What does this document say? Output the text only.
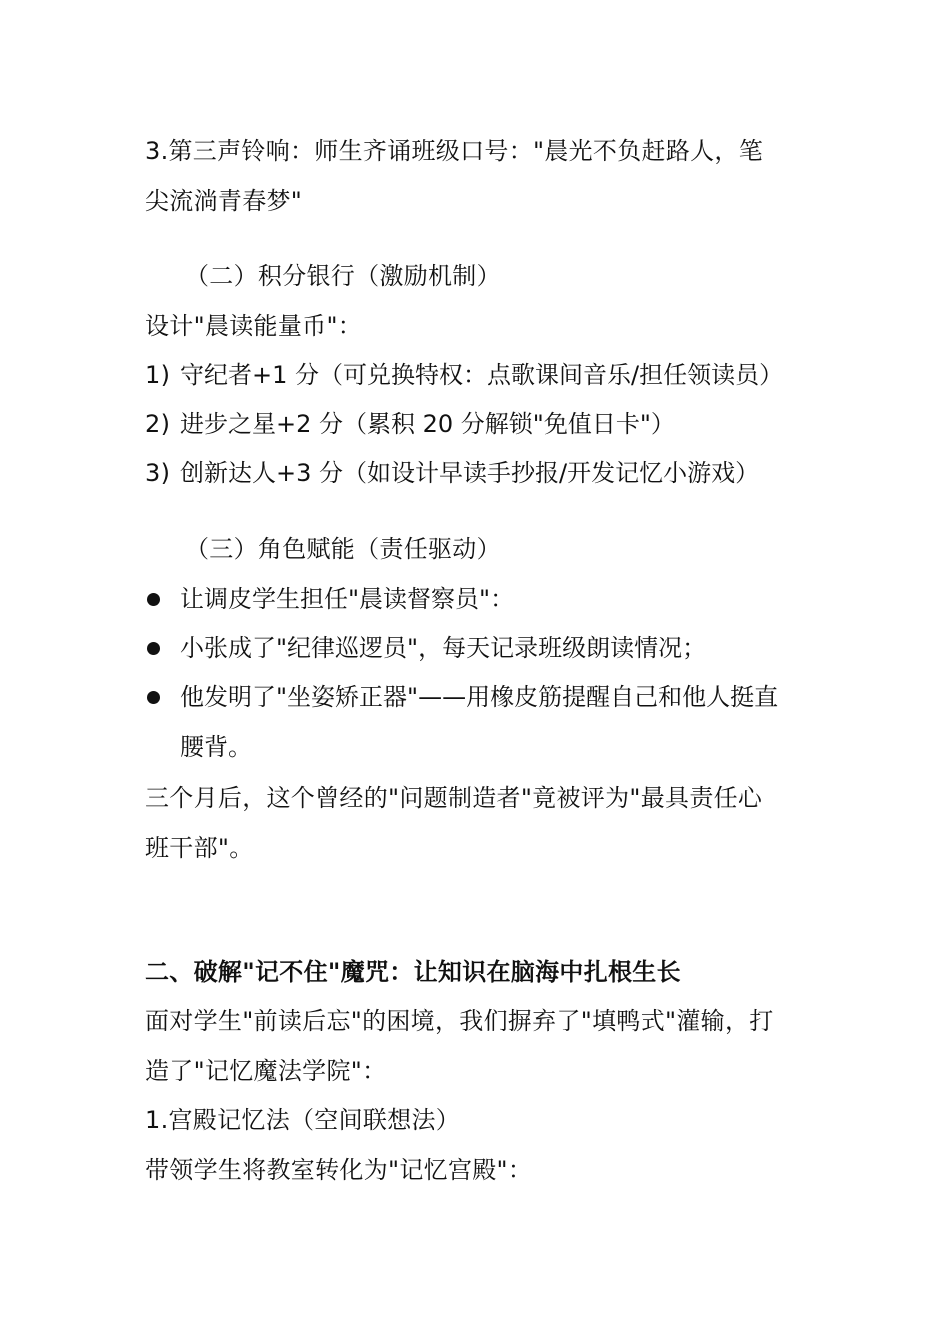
3.第三声铃响：师生齐诵班级口号："晨光不负赶路人，笔
尖流淌青春梦"
（二）积分银行（激励机制）
设计"晨读能量币"：
1) 守纪者+1 分（可兑换特权：点歌课间音乐/担任领读员）
2) 进步之星+2 分（累积 20 分解锁"免值日卡"）
3) 创新达人+3 分（如设计早读手抄报/开发记忆小游戏）
（三）角色赋能（责任驱动）
让调皮学生担任"晨读督察员"：
小张成了"纪律巡逻员"，每天记录班级朗读情况；
他发明了"坐姿矫正器"——用橡皮筋提醒自己和他人挺直
腰背。
三个月后，这个曾经的"问题制造者"竟被评为"最具责任心
班干部"。
二、破解"记不住"魔咒：让知识在脑海中扎根生长
面对学生"前读后忘"的困境，我们摒弃了"填鸭式"灌输，打
造了"记忆魔法学院"：
1.宫殿记忆法（空间联想法）
带领学生将教室转化为"记忆宫殿"：
